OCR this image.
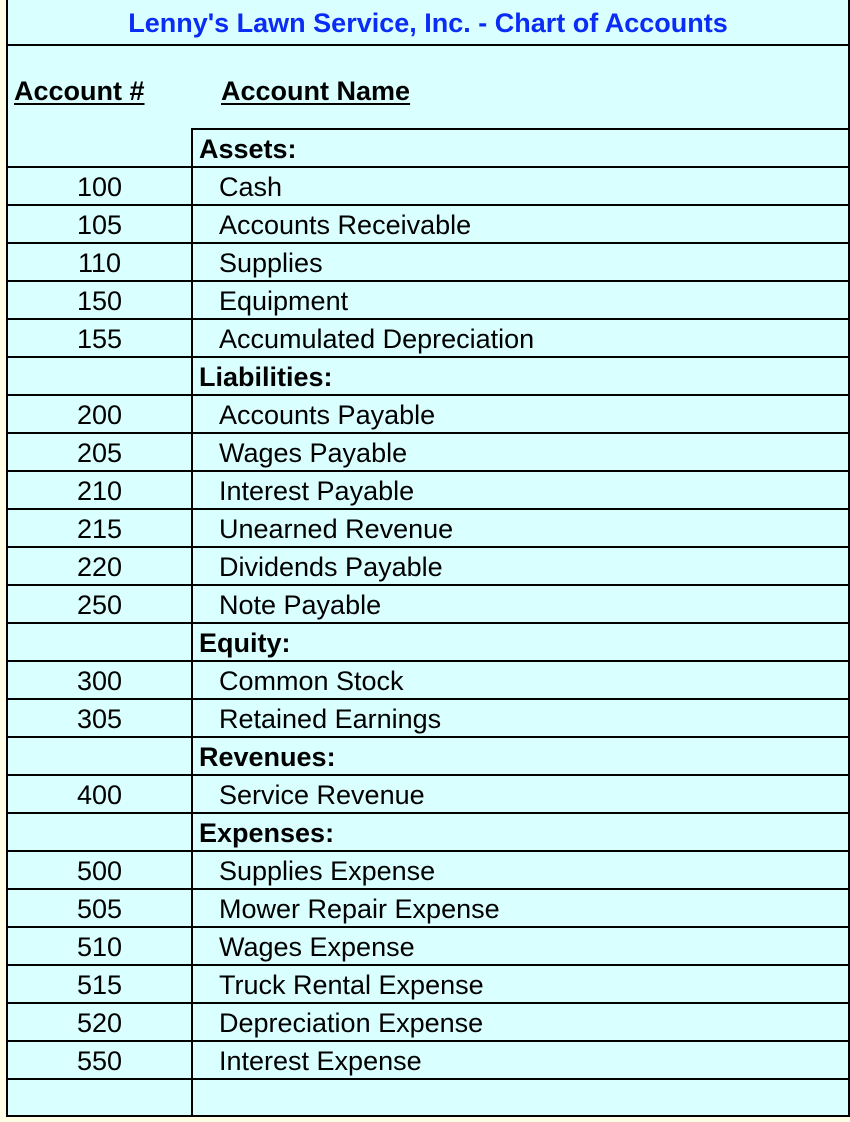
Lenny's Lawn Service, Inc. - Chart of Accounts
Account #	Account Name
Assets:
100	Cash
105	Accounts Receivable
110	Supplies
150	Equipment
155	Accumulated Depreciation
Liabilities:
200	Accounts Payable
205	Wages Payable
210	Interest Payable
215	Unearned Revenue
220	Dividends Payable
250	Note Payable
Equity:
300	Common Stock
305	Retained Earnings
Revenues:
400	Service Revenue
Expenses:
500	Supplies Expense
505	Mower Repair Expense
510	Wages Expense
515	Truck Rental Expense
520	Depreciation Expense
550	Interest Expense
